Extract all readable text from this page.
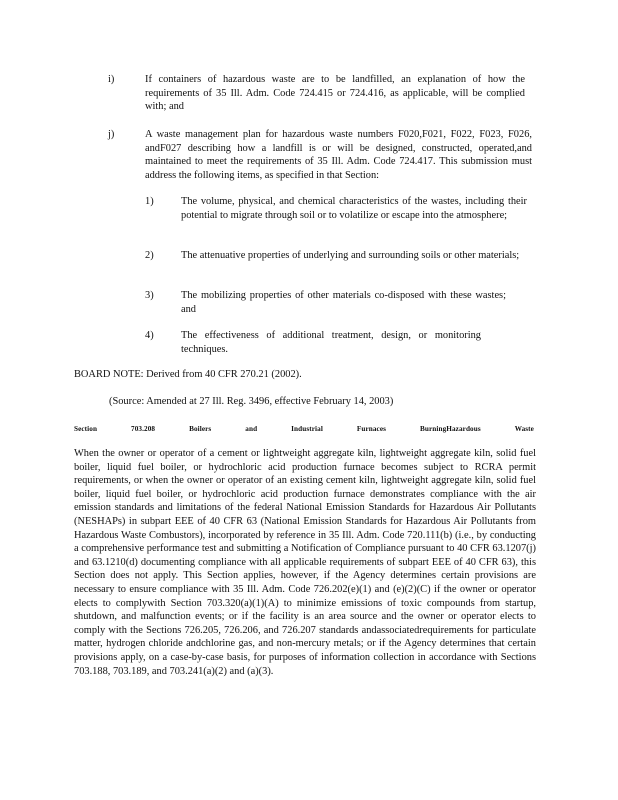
i)	If containers of hazardous waste are to be landfilled, an explanation of how the requirements of 35 Ill. Adm. Code 724.415 or 724.416, as applicable, will be complied with; and
j)	A waste management plan for hazardous waste numbers F020,F021, F022, F023, F026, andF027 describing how a landfill is or will be designed, constructed, operated,and maintained to meet the requirements of 35 Ill. Adm. Code 724.417. This submission must address the following items, as specified in that Section:
1)	The volume, physical, and chemical characteristics of the wastes, including their potential to migrate through soil or to volatilize or escape into the atmosphere;
2)	The attenuative properties of underlying and surrounding soils or other materials;
3)	The mobilizing properties of other materials co-disposed with these wastes; and
4)	The effectiveness of additional treatment, design, or monitoring techniques.
BOARD NOTE: Derived from 40 CFR 270.21 (2002).
(Source: Amended at 27 Ill. Reg. 3496, effective February 14, 2003)
Section	703.208	Boilers	and	Industrial	Furnaces	BurningHazardous	Waste
When the owner or operator of a cement or lightweight aggregate kiln, lightweight aggregate kiln, solid fuel boiler, liquid fuel boiler, or hydrochloric acid production furnace becomes subject to RCRA permit requirements, or when the owner or operator of an existing cement kiln, lightweight aggregate kiln, solid fuel boiler, liquid fuel boiler, or hydrochloric acid production furnace demonstrates compliance with the air emission standards and limitations of the federal National Emission Standards for Hazardous Air Pollutants (NESHAPs) in subpart EEE of 40 CFR 63 (National Emission Standards for Hazardous Air Pollutants from Hazardous Waste Combustors), incorporated by reference in 35 Ill. Adm. Code 720.111(b) (i.e., by conducting a comprehensive performance test and submitting a Notification of Compliance pursuant to 40 CFR 63.1207(j) and 63.1210(d) documenting compliance with all applicable requirements of subpart EEE of 40 CFR 63), this Section does not apply. This Section applies, however, if the Agency determines certain provisions are necessary to ensure compliance with 35 Ill. Adm. Code 726.202(e)(1) and (e)(2)(C) if the owner or operator elects to complywith Section 703.320(a)(1)(A) to minimize emissions of toxic compounds from startup, shutdown, and malfunction events; or if the facility is an area source and the owner or operator elects to comply with the Sections 726.205, 726.206, and 726.207 standards andassociatedrequirements for particulate matter, hydrogen chloride andchlorine gas, and non-mercury metals; or if the Agency determines that certain provisions apply, on a case-by-case basis, for purposes of information collection in accordance with Sections 703.188, 703.189, and 703.241(a)(2) and (a)(3).
